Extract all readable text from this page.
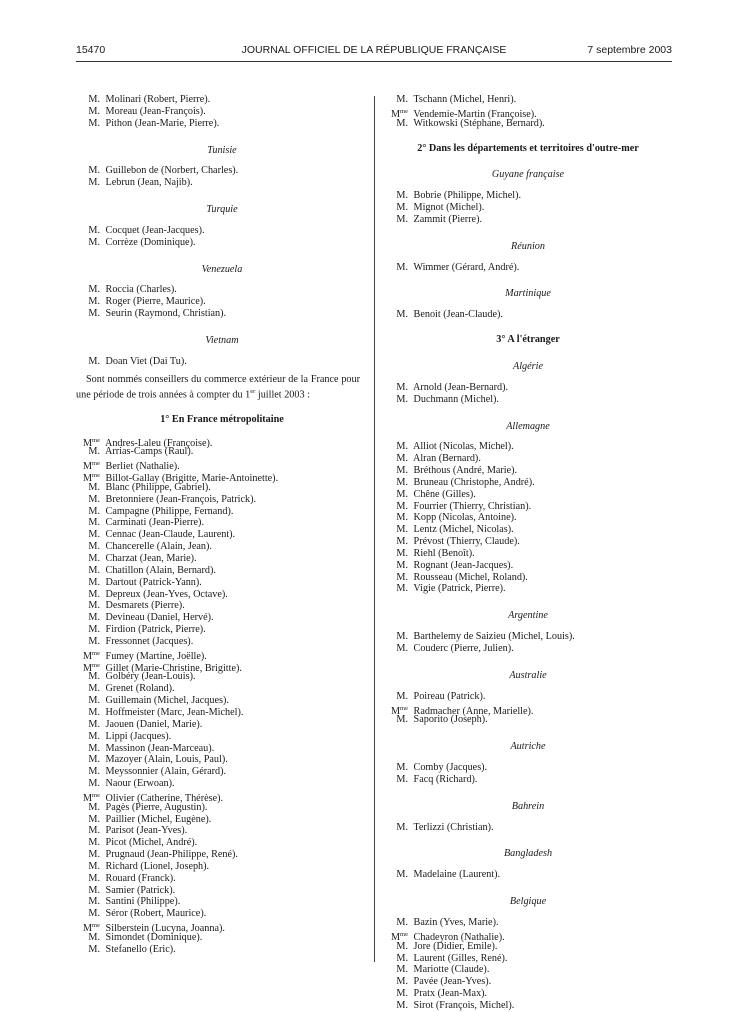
15470	JOURNAL OFFICIEL DE LA RÉPUBLIQUE FRANÇAISE	7 septembre 2003
M. Molinari (Robert, Pierre).
M. Moreau (Jean-François).
M. Pithon (Jean-Marie, Pierre).
Tunisie
M. Guillebon de (Norbert, Charles).
M. Lebrun (Jean, Najib).
Turquie
M. Cocquet (Jean-Jacques).
M. Corrèze (Dominique).
Venezuela
M. Roccia (Charles).
M. Roger (Pierre, Maurice).
M. Seurin (Raymond, Christian).
Vietnam
M. Doan Viet (Dai Tu).
Sont nommés conseillers du commerce extérieur de la France pour une période de trois années à compter du 1er juillet 2003 :
1° En France métropolitaine
$M^{me}$ Andres-Laleu (Françoise).
M. Arrias-Camps (Raul).
$M^{me}$ Berliet (Nathalie).
$M^{me}$ Billot-Gallay (Brigitte, Marie-Antoinette).
M. Blanc (Philippe, Gabriel).
M. Bretonniere (Jean-François, Patrick).
M. Campagne (Philippe, Fernand).
M. Carminati (Jean-Pierre).
M. Cennac (Jean-Claude, Laurent).
M. Chancerelle (Alain, Jean).
M. Charzat (Jean, Marie).
M. Chatillon (Alain, Bernard).
M. Dartout (Patrick-Yann).
M. Depreux (Jean-Yves, Octave).
M. Desmarets (Pierre).
M. Devineau (Daniel, Hervé).
M. Firdion (Patrick, Pierre).
M. Fressonnet (Jacques).
$M^{me}$ Fumey (Martine, Joëlle).
$M^{me}$ Gillet (Marie-Christine, Brigitte).
M. Golbéry (Jean-Louis).
M. Grenet (Roland).
M. Guillemain (Michel, Jacques).
M. Hoffmeister (Marc, Jean-Michel).
M. Jaouen (Daniel, Marie).
M. Lippi (Jacques).
M. Massinon (Jean-Marceau).
M. Mazoyer (Alain, Louis, Paul).
M. Meyssonnier (Alain, Gérard).
M. Naour (Erwoan).
$M^{me}$ Olivier (Catherine, Thérèse).
M. Pagès (Pierre, Augustin).
M. Paillier (Michel, Eugène).
M. Parisot (Jean-Yves).
M. Picot (Michel, André).
M. Prugnaud (Jean-Philippe, René).
M. Richard (Lionel, Joseph).
M. Rouard (Franck).
M. Samier (Patrick).
M. Santini (Philippe).
M. Séror (Robert, Maurice).
$M^{me}$ Silberstein (Lucyna, Joanna).
M. Simondet (Dominique).
M. Stefanello (Eric).
M. Tschann (Michel, Henri).
$M^{me}$ Vendemie-Martin (Françoise).
M. Witkowski (Stéphane, Bernard).
2° Dans les départements et territoires d'outre-mer
Guyane française
M. Bobrie (Philippe, Michel).
M. Mignot (Michel).
M. Zammit (Pierre).
Réunion
M. Wimmer (Gérard, André).
Martinique
M. Benoit (Jean-Claude).
3° A l'étranger
Algérie
M. Arnold (Jean-Bernard).
M. Duchmann (Michel).
Allemagne
M. Alliot (Nicolas, Michel).
M. Alran (Bernard).
M. Bréthous (André, Marie).
M. Bruneau (Christophe, André).
M. Chêne (Gilles).
M. Fourrier (Thierry, Christian).
M. Kopp (Nicolas, Antoine).
M. Lentz (Michel, Nicolas).
M. Prévost (Thierry, Claude).
M. Riehl (Benoît).
M. Rognant (Jean-Jacques).
M. Rousseau (Michel, Roland).
M. Vigie (Patrick, Pierre).
Argentine
M. Barthelemy de Saizieu (Michel, Louis).
M. Couderc (Pierre, Julien).
Australie
M. Poireau (Patrick).
$M^{me}$ Radmacher (Anne, Marielle).
M. Saporito (Joseph).
Autriche
M. Comby (Jacques).
M. Facq (Richard).
Bahrein
M. Terlizzi (Christian).
Bangladesh
M. Madelaine (Laurent).
Belgique
M. Bazin (Yves, Marie).
$M^{me}$ Chadeyron (Nathalie).
M. Jore (Didier, Emile).
M. Laurent (Gilles, René).
M. Mariotte (Claude).
M. Pavée (Jean-Yves).
M. Pratx (Jean-Max).
M. Sirot (François, Michel).
